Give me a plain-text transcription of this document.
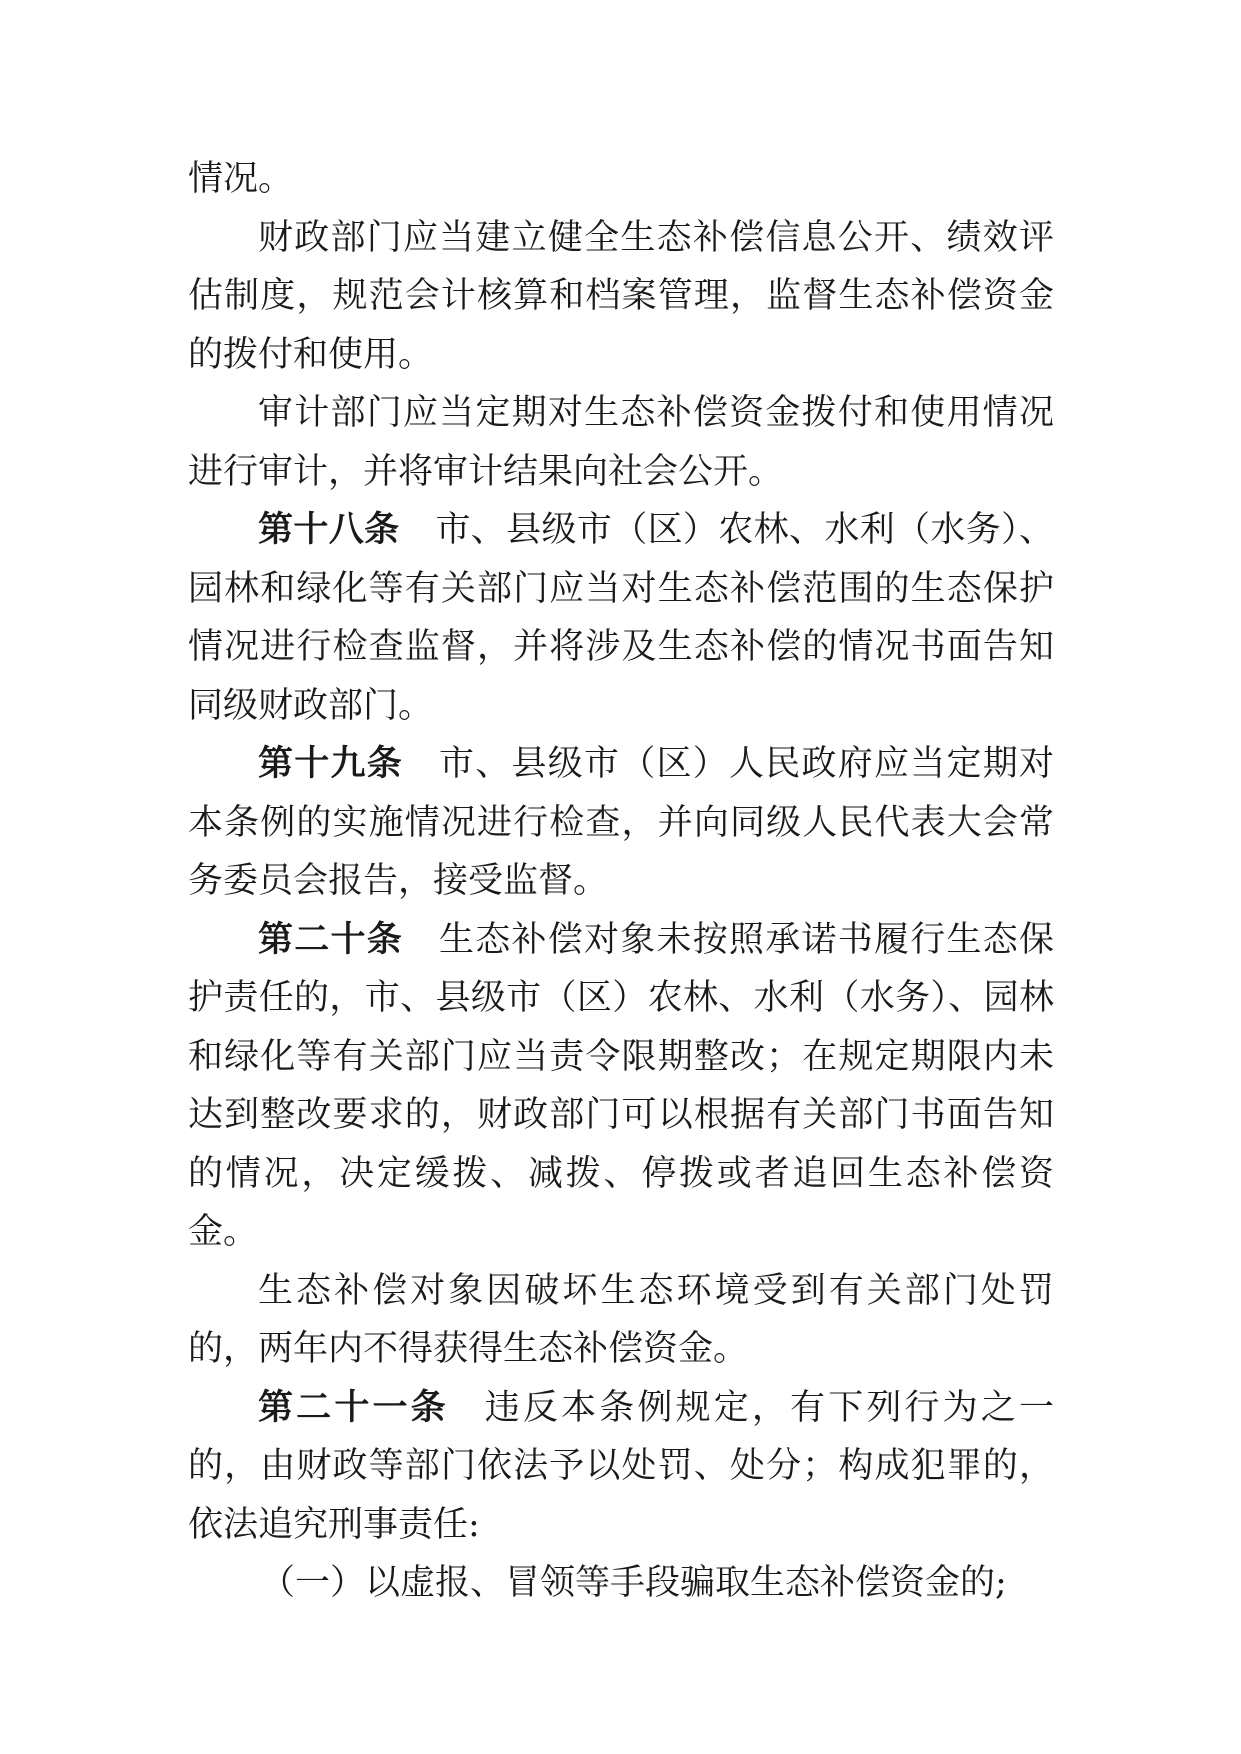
情况。

财政部门应当建立健全生态补偿信息公开、绩效评估制度，规范会计核算和档案管理，监督生态补偿资金的拨付和使用。

审计部门应当定期对生态补偿资金拨付和使用情况进行审计，并将审计结果向社会公开。

第十八条 市、县级市（区）农林、水利（水务）、园林和绿化等有关部门应当对生态补偿范围的生态保护情况进行检查监督，并将涉及生态补偿的情况书面告知同级财政部门。

第十九条 市、县级市（区）人民政府应当定期对本条例的实施情况进行检查，并向同级人民代表大会常务委员会报告，接受监督。

第二十条 生态补偿对象未按照承诺书履行生态保护责任的，市、县级市（区）农林、水利（水务）、园林和绿化等有关部门应当责令限期整改；在规定期限内未达到整改要求的，财政部门可以根据有关部门书面告知的情况，决定缓拨、减拨、停拨或者追回生态补偿资金。

生态补偿对象因破坏生态环境受到有关部门处罚的，两年内不得获得生态补偿资金。

第二十一条 违反本条例规定，有下列行为之一的，由财政等部门依法予以处罚、处分；构成犯罪的，依法追究刑事责任:

（一）以虚报、冒领等手段骗取生态补偿资金的;
